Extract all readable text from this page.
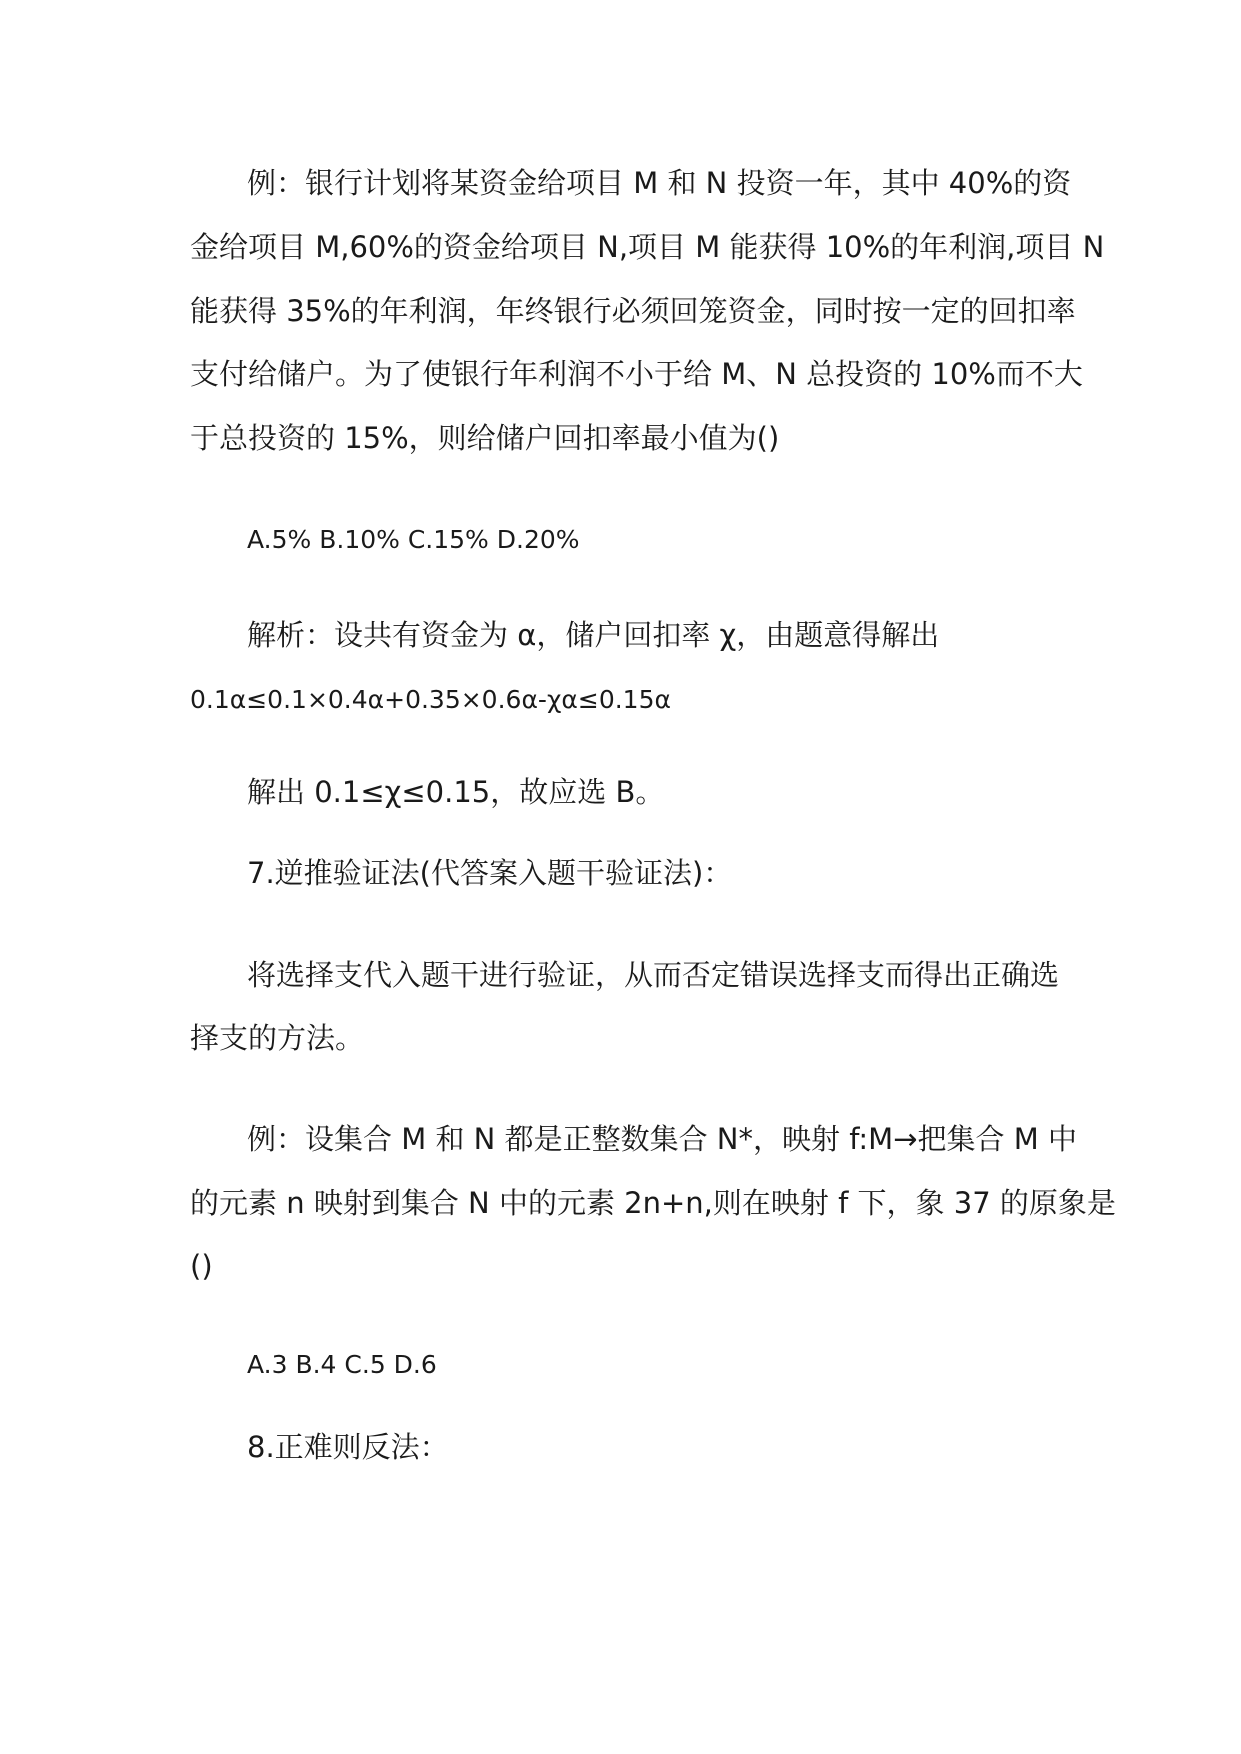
例：银行计划将某资金给项目 M 和 N 投资一年，其中 40%的资
金给项目 M,60%的资金给项目 N,项目 M 能获得 10%的年利润,项目 N
能获得 35%的年利润，年终银行必须回笼资金，同时按一定的回扣率
支付给储户。为了使银行年利润不小于给 M、N 总投资的 10%而不大
于总投资的 15%，则给储户回扣率最小值为()
A.5% B.10% C.15% D.20%
解析：设共有资金为 α，储户回扣率 χ，由题意得解出
0.1α≤0.1×0.4α+0.35×0.6α-χα≤0.15α
解出 0.1≤χ≤0.15，故应选 B。
7.逆推验证法(代答案入题干验证法)：
将选择支代入题干进行验证，从而否定错误选择支而得出正确选
择支的方法。
例：设集合 M 和 N 都是正整数集合 N*，映射 f:M→把集合 M 中
的元素 n 映射到集合 N 中的元素 2n+n,则在映射 f 下，象 37 的原象是
()
A.3 B.4 C.5 D.6
8.正难则反法：
